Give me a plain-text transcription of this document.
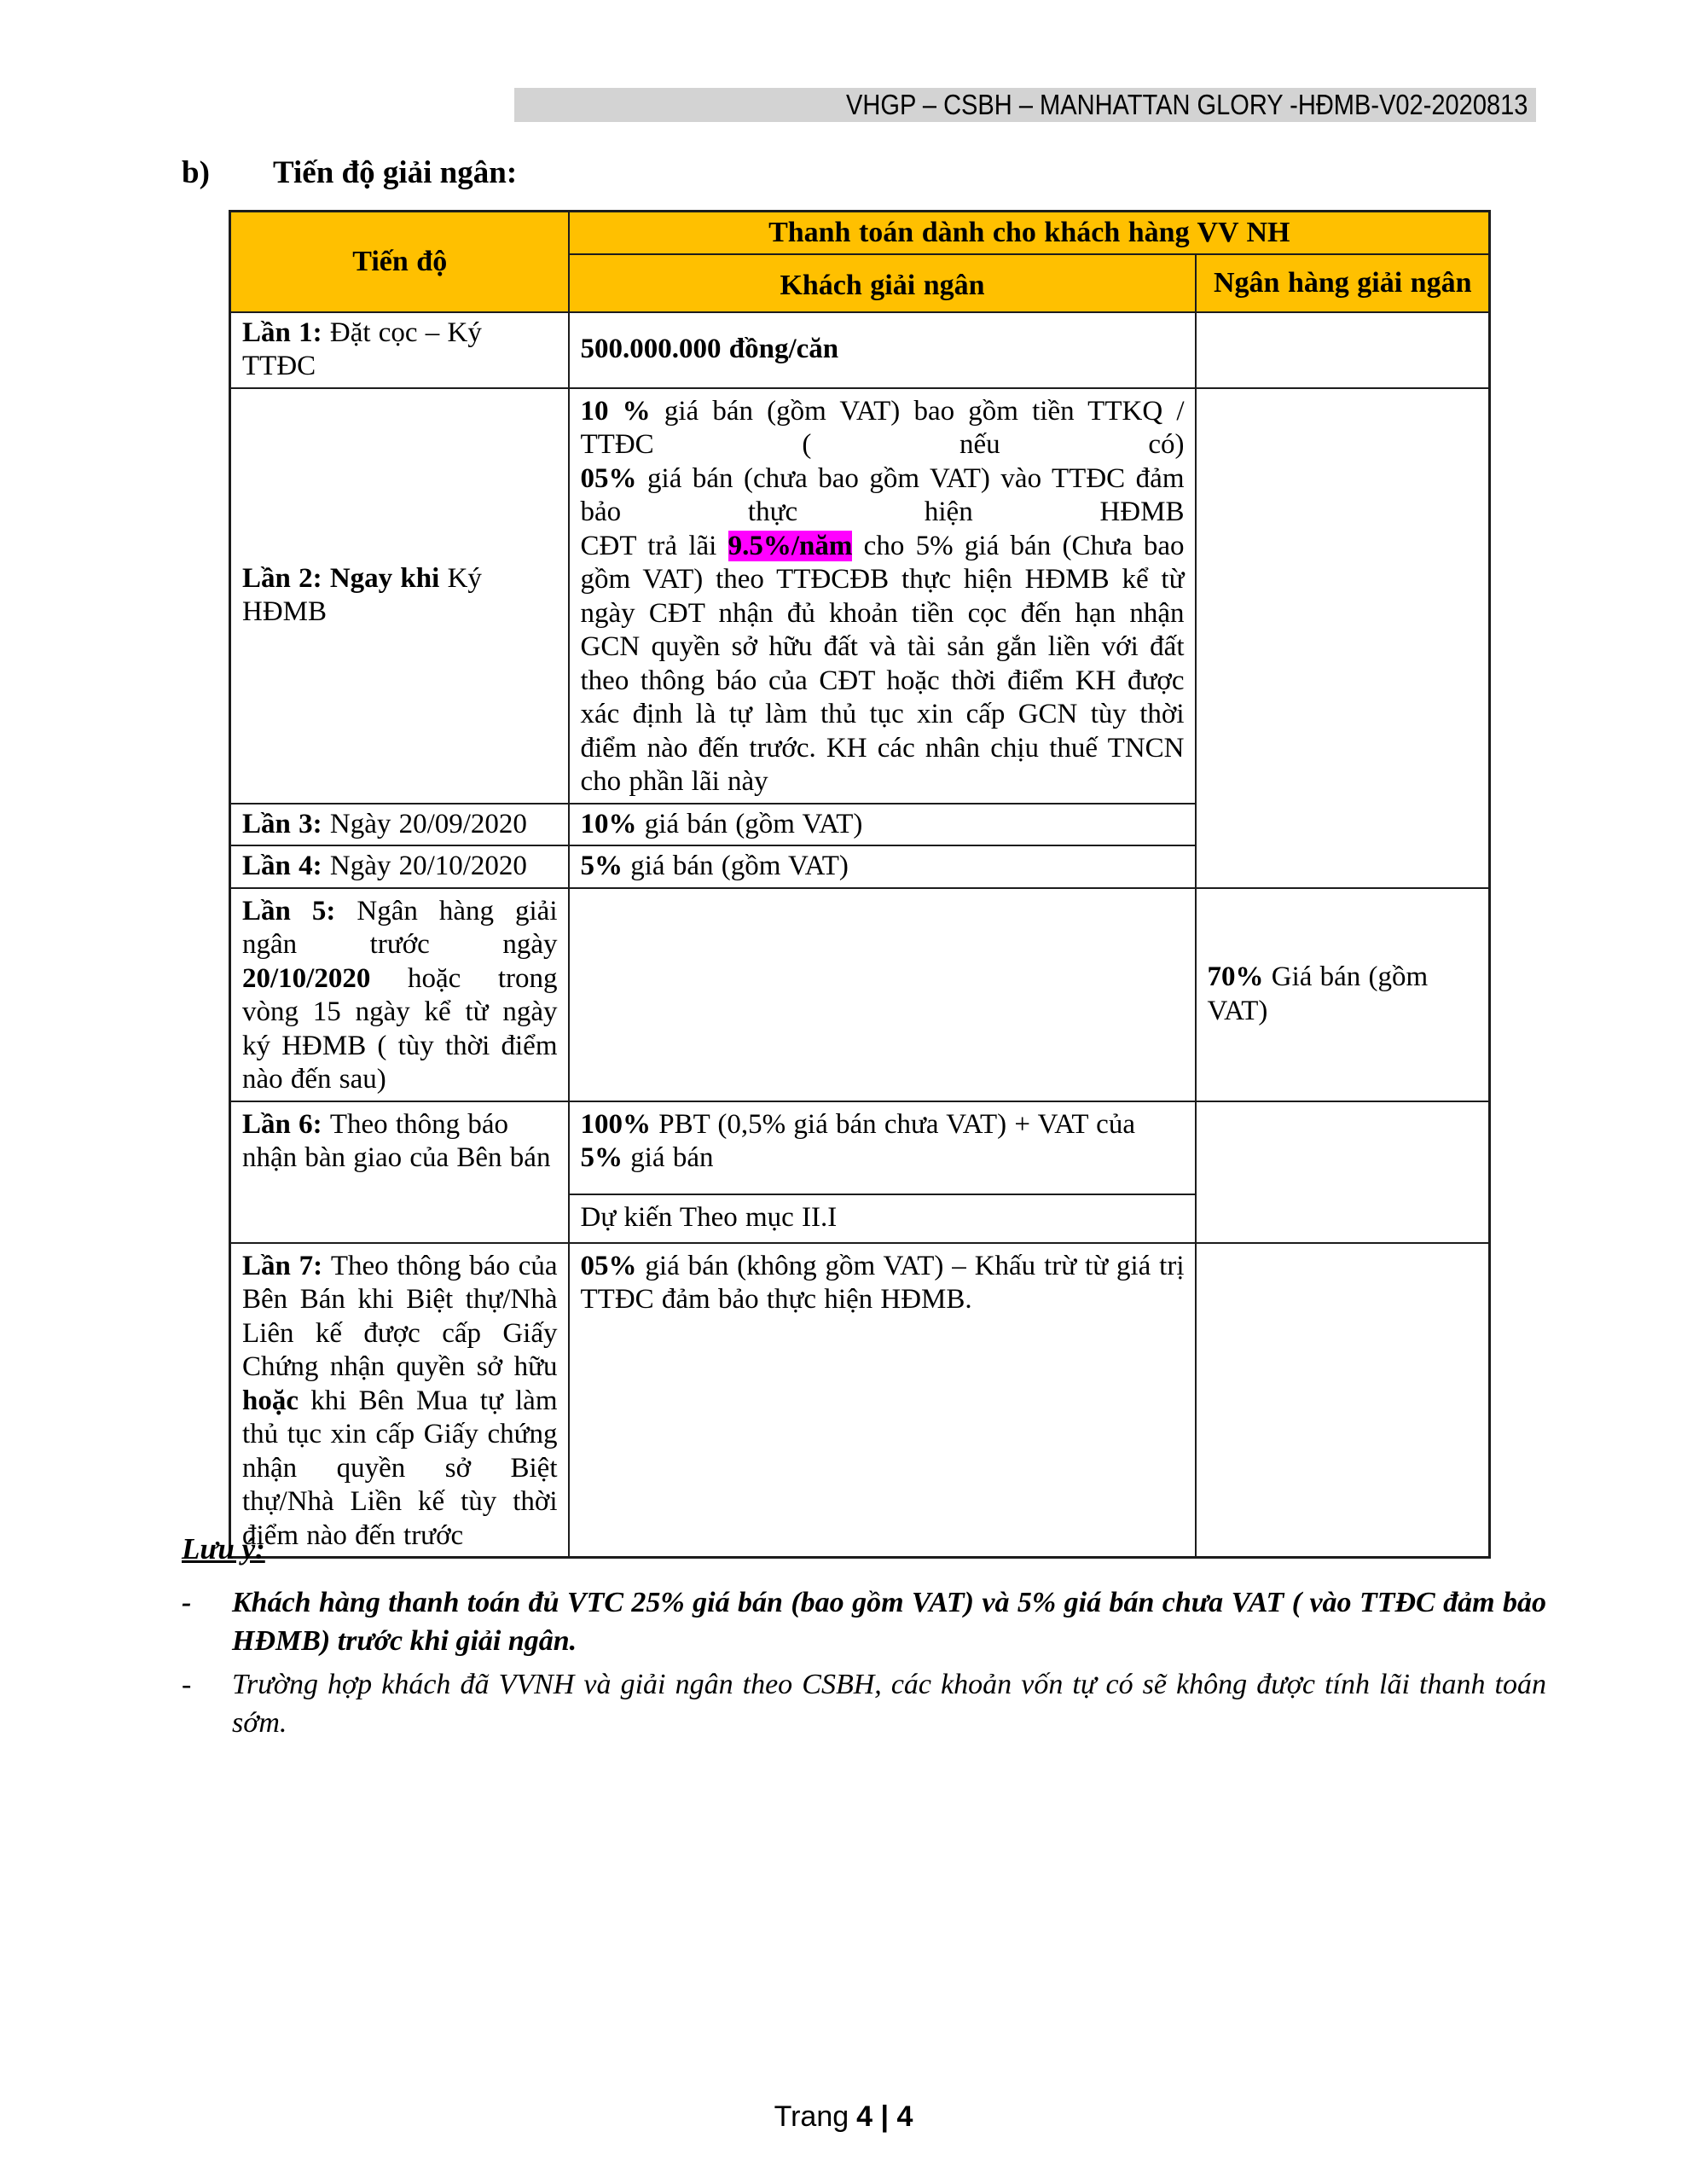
VHGP – CSBH – MANHATTAN GLORY -HĐMB-V02-2020813
b)	Tiến độ giải ngân:

Tiến độ	Thanh toán dành cho khách hàng VV NH	

	Khách giải ngân	Ngân hàng giải ngân

Lần 1: Đặt cọc – Ký TTĐC	500.000.000 đồng/căn	

Lần 2: Ngay khi Ký HĐMB	10 % giá bán (gồm VAT) bao gồm tiền TTKQ / TTĐC ( nếu có)

05% giá bán (chưa bao gồm VAT) vào TTĐC đảm bảo thực hiện HĐMB

CĐT trả lãi 9.5%/năm cho 5% giá bán (Chưa bao gồm VAT) theo TTĐCĐB thực hiện HĐMB kể từ ngày CĐT nhận đủ khoản tiền cọc đến hạn nhận GCN quyền sở hữu đất và tài sản gắn liền với đất theo thông báo của CĐT hoặc thời điểm KH được xác định là tự làm thủ tục xin cấp GCN tùy thời điểm nào đến trước. KH các nhân chịu thuế TNCN cho phần lãi này	

Lần 3: Ngày 20/09/2020	10% giá bán (gồm VAT)	

Lần 4: Ngày 20/10/2020	5% giá bán (gồm VAT)	

Lần 5: Ngân hàng giải ngân trước ngày 20/10/2020 hoặc trong vòng 15 ngày kể từ ngày ký HĐMB ( tùy thời điểm nào đến sau)		70% Giá bán (gồm VAT)

Lần 6: Theo thông báo nhận bàn giao của Bên bán	100% PBT (0,5% giá bán chưa VAT) + VAT của 5% giá bán	

	Dự kiến Theo mục II.I	

Lần 7: Theo thông báo của Bên Bán khi Biệt thự/Nhà Liên kế được cấp Giấy Chứng nhận quyền sở hữu hoặc khi Bên Mua tự làm thủ tục xin cấp Giấy chứng nhận quyền sở Biệt thự/Nhà Liền kế tùy thời điểm nào đến trước	05% giá bán (không gồm VAT) – Khấu trừ từ giá trị TTĐC đảm bảo thực hiện HĐMB.	

Lưu ý:

-	Khách hàng thanh toán đủ VTC 25% giá bán (bao gồm VAT) và 5% giá bán chưa VAT ( vào TTĐC đảm bảo HĐMB) trước khi giải ngân.
-	Trường hợp khách đã VVNH và giải ngân theo CSBH, các khoản vốn tự có sẽ không được tính lãi thanh toán sớm.
Trang 4 | 4
